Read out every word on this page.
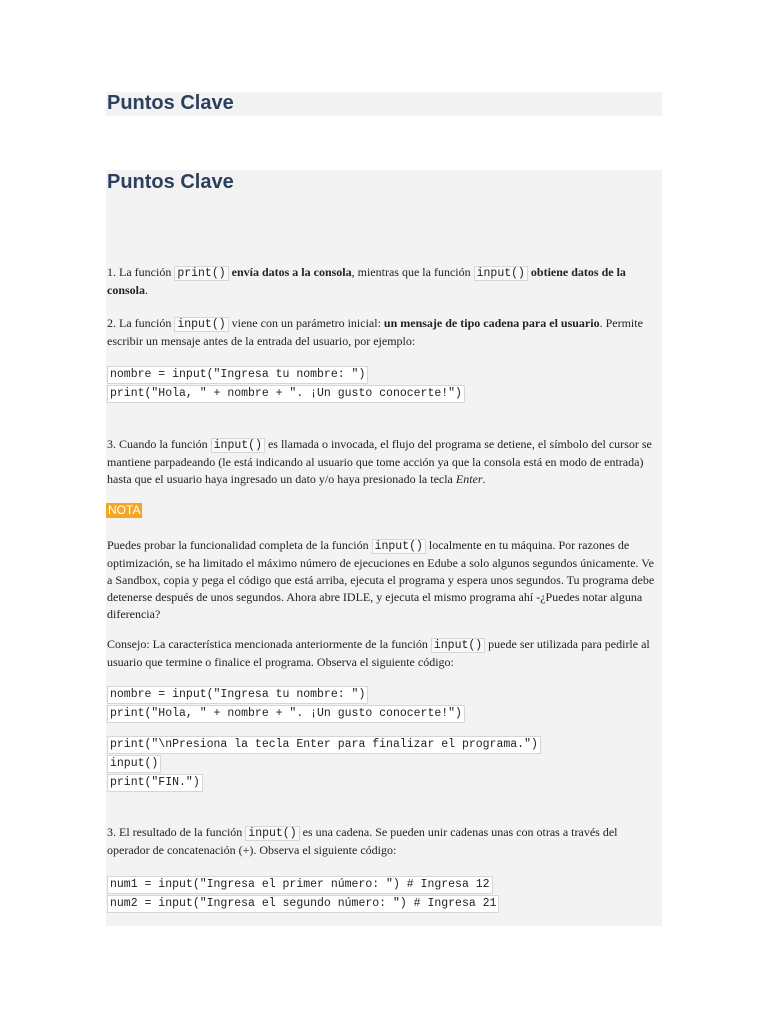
Puntos Clave
Puntos Clave

1. La función print() envía datos a la consola, mientras que la función input() obtiene datos de la consola.

2. La función input() viene con un parámetro inicial: un mensaje de tipo cadena para el usuario. Permite escribir un mensaje antes de la entrada del usuario, por ejemplo:

nombre = input("Ingresa tu nombre: ")
print("Hola, " + nombre + ". ¡Un gusto conocerte!")

3. Cuando la función input() es llamada o invocada, el flujo del programa se detiene, el símbolo del cursor se mantiene parpadeando (le está indicando al usuario que tome acción ya que la consola está en modo de entrada) hasta que el usuario haya ingresado un dato y/o haya presionado la tecla Enter.

NOTA

Puedes probar la funcionalidad completa de la función input() localmente en tu máquina. Por razones de optimización, se ha limitado el máximo número de ejecuciones en Edube a solo algunos segundos únicamente. Ve a Sandbox, copia y pega el código que está arriba, ejecuta el programa y espera unos segundos. Tu programa debe detenerse después de unos segundos. Ahora abre IDLE, y ejecuta el mismo programa ahí -¿Puedes notar alguna diferencia?

Consejo: La característica mencionada anteriormente de la función input() puede ser utilizada para pedirle al usuario que termine o finalice el programa. Observa el siguiente código:

nombre = input("Ingresa tu nombre: ")
print("Hola, " + nombre + ". ¡Un gusto conocerte!")
print("\nPresiona la tecla Enter para finalizar el programa.")
input()
print("FIN.")

3. El resultado de la función input() es una cadena. Se pueden unir cadenas unas con otras a través del operador de concatenación (+). Observa el siguiente código:

num1 = input("Ingresa el primer número: ") # Ingresa 12
num2 = input("Ingresa el segundo número: ") # Ingresa 21
